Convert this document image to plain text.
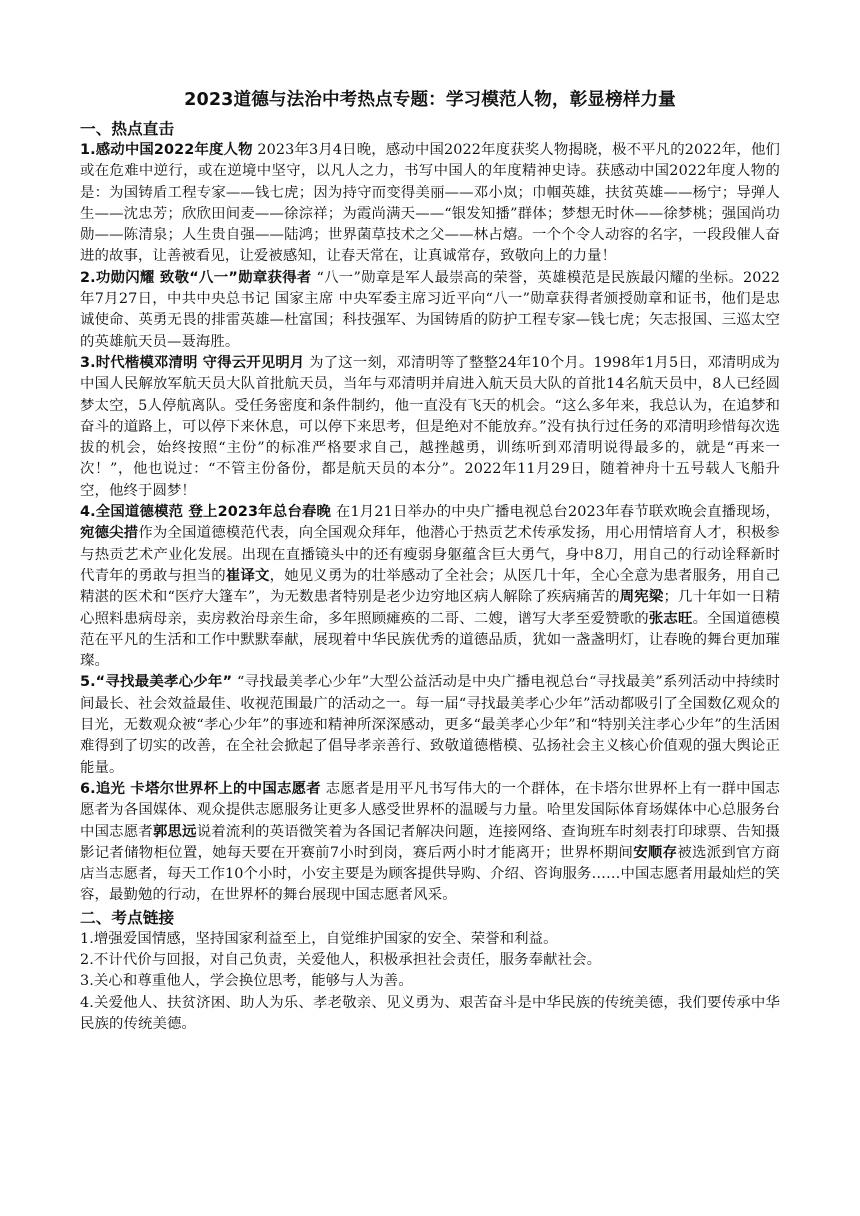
2023道德与法治中考热点专题：学习模范人物，彰显榜样力量

一、热点直击

1.感动中国2022年度人物 2023年3月4日晚，感动中国2022年度获奖人物揭晓，极不平凡的2022年，他们或在危难中逆行，或在逆境中坚守，以凡人之力，书写中国人的年度精神史诗。获感动中国2022年度人物的是：为国铸盾工程专家——钱七虎；因为持守而变得美丽——邓小岚；巾帼英雄，扶贫英雄——杨宁；导弹人生——沈忠芳；欣欣田间麦——徐淙祥；为霞尚满天——“银发知播”群体；梦想无时休——徐梦桃；强国尚功勋——陈清泉；人生贵自强——陆鸿；世界菌草技术之父——林占熺。一个个令人动容的名字，一段段催人奋进的故事，让善被看见，让爱被感知，让春天常在，让真诚常存，致敬向上的力量！

2.功勋闪耀 致敬“八一”勋章获得者 “八一”勋章是军人最崇高的荣誉，英雄模范是民族最闪耀的坐标。2022年7月27日，中共中央总书记 国家主席 中央军委主席习近平向“八一”勋章获得者颁授勋章和证书，他们是忠诚使命、英勇无畏的排雷英雄—杜富国；科技强军、为国铸盾的防护工程专家—钱七虎；矢志报国、三巡太空的英雄航天员—聂海胜。

3.时代楷模邓清明 守得云开见明月 为了这一刻，邓清明等了整整24年10个月。1998年1月5日，邓清明成为中国人民解放军航天员大队首批航天员，当年与邓清明并肩进入航天员大队的首批14名航天员中，8人已经圆梦太空，5人停航离队。受任务密度和条件制约，他一直没有飞天的机会。“这么多年来，我总认为，在追梦和奋斗的道路上，可以停下来休息，可以停下来思考，但是绝对不能放弃。”没有执行过任务的邓清明珍惜每次选拔的机会，始终按照“主份”的标准严格要求自己，越挫越勇，训练听到邓清明说得最多的，就是“再来一次！”，他也说过：“不管主份备份，都是航天员的本分”。2022年11月29日，随着神舟十五号载人飞船升空，他终于圆梦！

4.全国道德模范 登上2023年总台春晚 在1月21日举办的中央广播电视总台2023年春节联欢晚会直播现场，宛德尖措作为全国道德模范代表，向全国观众拜年，他潜心于热贡艺术传承发扬，用心用情培育人才，积极参与热贡艺术产业化发展。出现在直播镜头中的还有瘦弱身躯蕴含巨大勇气，身中8刀，用自己的行动诠释新时代青年的勇敢与担当的崔译文，她见义勇为的壮举感动了全社会；从医几十年，全心全意为患者服务，用自己精湛的医术和“医疗大篷车”，为无数患者特别是老少边穷地区病人解除了疾病痛苦的周宪梁；几十年如一日精心照料患病母亲，卖房救治母亲生命，多年照顾瘫痪的二哥、二嫂，谱写大孝至爱赞歌的张志旺。全国道德模范在平凡的生活和工作中默默奉献，展现着中华民族优秀的道德品质，犹如一盏盏明灯，让春晚的舞台更加璀璨。

5.“寻找最美孝心少年” “寻找最美孝心少年”大型公益活动是中央广播电视总台“寻找最美”系列活动中持续时间最长、社会效益最佳、收视范围最广的活动之一。每一届“寻找最美孝心少年”活动都吸引了全国数亿观众的目光，无数观众被“孝心少年”的事迹和精神所深深感动，更多“最美孝心少年”和“特别关注孝心少年”的生活困难得到了切实的改善，在全社会掀起了倡导孝亲善行、致敬道德楷模、弘扬社会主义核心价值观的强大舆论正能量。

6.追光 卡塔尔世界杯上的中国志愿者 志愿者是用平凡书写伟大的一个群体，在卡塔尔世界杯上有一群中国志愿者为各国媒体、观众提供志愿服务让更多人感受世界杯的温暖与力量。哈里发国际体育场媒体中心总服务台中国志愿者郭思远说着流利的英语微笑着为各国记者解决问题，连接网络、查询班车时刻表打印球票、告知摄影记者储物柜位置，她每天要在开赛前7小时到岗，赛后两小时才能离开；世界杯期间安顺存被选派到官方商店当志愿者，每天工作10个小时，小安主要是为顾客提供导购、介绍、咨询服务……中国志愿者用最灿烂的笑容，最勤勉的行动，在世界杯的舞台展现中国志愿者风采。

二、考点链接

1.增强爱国情感，坚持国家利益至上，自觉维护国家的安全、荣誉和利益。

2.不计代价与回报，对自己负责，关爱他人，积极承担社会责任，服务奉献社会。

3.关心和尊重他人，学会换位思考，能够与人为善。

4.关爱他人、扶贫济困、助人为乐、孝老敬亲、见义勇为、艰苦奋斗是中华民族的传统美德，我们要传承中华民族的传统美德。
